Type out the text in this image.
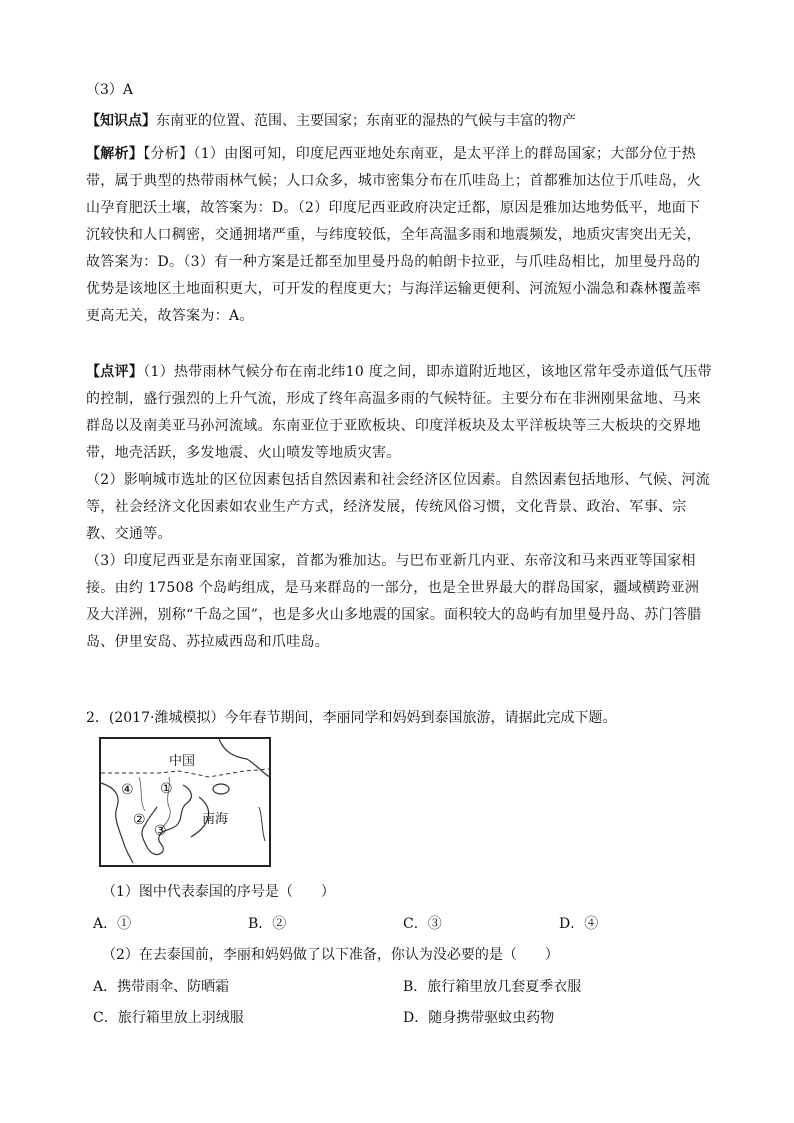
（3）A
【知识点】东南亚的位置、范围、主要国家；东南亚的湿热的气候与丰富的物产

【解析】【分析】（1）由图可知，印度尼西亚地处东南亚，是太平洋上的群岛国家；大部分位于热带，属于典型的热带雨林气候；人口众多，城市密集分布在爪哇岛上；首都雅加达位于爪哇岛，火山孕育肥沃土壤，故答案为：D。（2）印度尼西亚政府决定迁都，原因是雅加达地势低平，地面下沉较快和人口稠密，交通拥堵严重，与纬度较低，全年高温多雨和地震频发，地质灾害突出无关，故答案为：D。（3）有一种方案是迁都至加里曼丹岛的帕朗卡拉亚，与爪哇岛相比，加里曼丹岛的优势是该地区土地面积更大，可开发的程度更大；与海洋运输更便利、河流短小湍急和森林覆盖率更高无关，故答案为：A。

【点评】（1）热带雨林气候分布在南北纬10 度之间，即赤道附近地区，该地区常年受赤道低气压带的控制，盛行强烈的上升气流，形成了终年高温多雨的气候特征。主要分布在非洲刚果盆地、马来群岛以及南美亚马孙河流域。东南亚位于亚欧板块、印度洋板块及太平洋板块等三大板块的交界地带，地壳活跃，多发地震、火山喷发等地质灾害。

（2）影响城市选址的区位因素包括自然因素和社会经济区位因素。自然因素包括地形、气候、河流等，社会经济文化因素如农业生产方式，经济发展，传统风俗习惯，文化背景、政治、军事、宗教、交通等。

（3）印度尼西亚是东南亚国家，首都为雅加达。与巴布亚新几内亚、东帝汶和马来西亚等国家相接。由约 17508 个岛屿组成，是马来群岛的一部分，也是全世界最大的群岛国家，疆域横跨亚洲及大洋洲，别称“千岛之国”，也是多火山多地震的国家。面积较大的岛屿有加里曼丹岛、苏门答腊岛、伊里安岛、苏拉威西岛和爪哇岛。

2．(2017·潍城模拟）今年春节期间，李丽同学和妈妈到泰国旅游，请据此完成下题。
中国
南海
①
④
②
③
（1）图中代表泰国的序号是（　　）
A．①	B．②	C．③	D．④
（2）在去泰国前，李丽和妈妈做了以下准备，你认为没必要的是（　　）
A．携带雨伞、防晒霜	B．旅行箱里放几套夏季衣服
C．旅行箱里放上羽绒服	D．随身携带驱蚊虫药物
